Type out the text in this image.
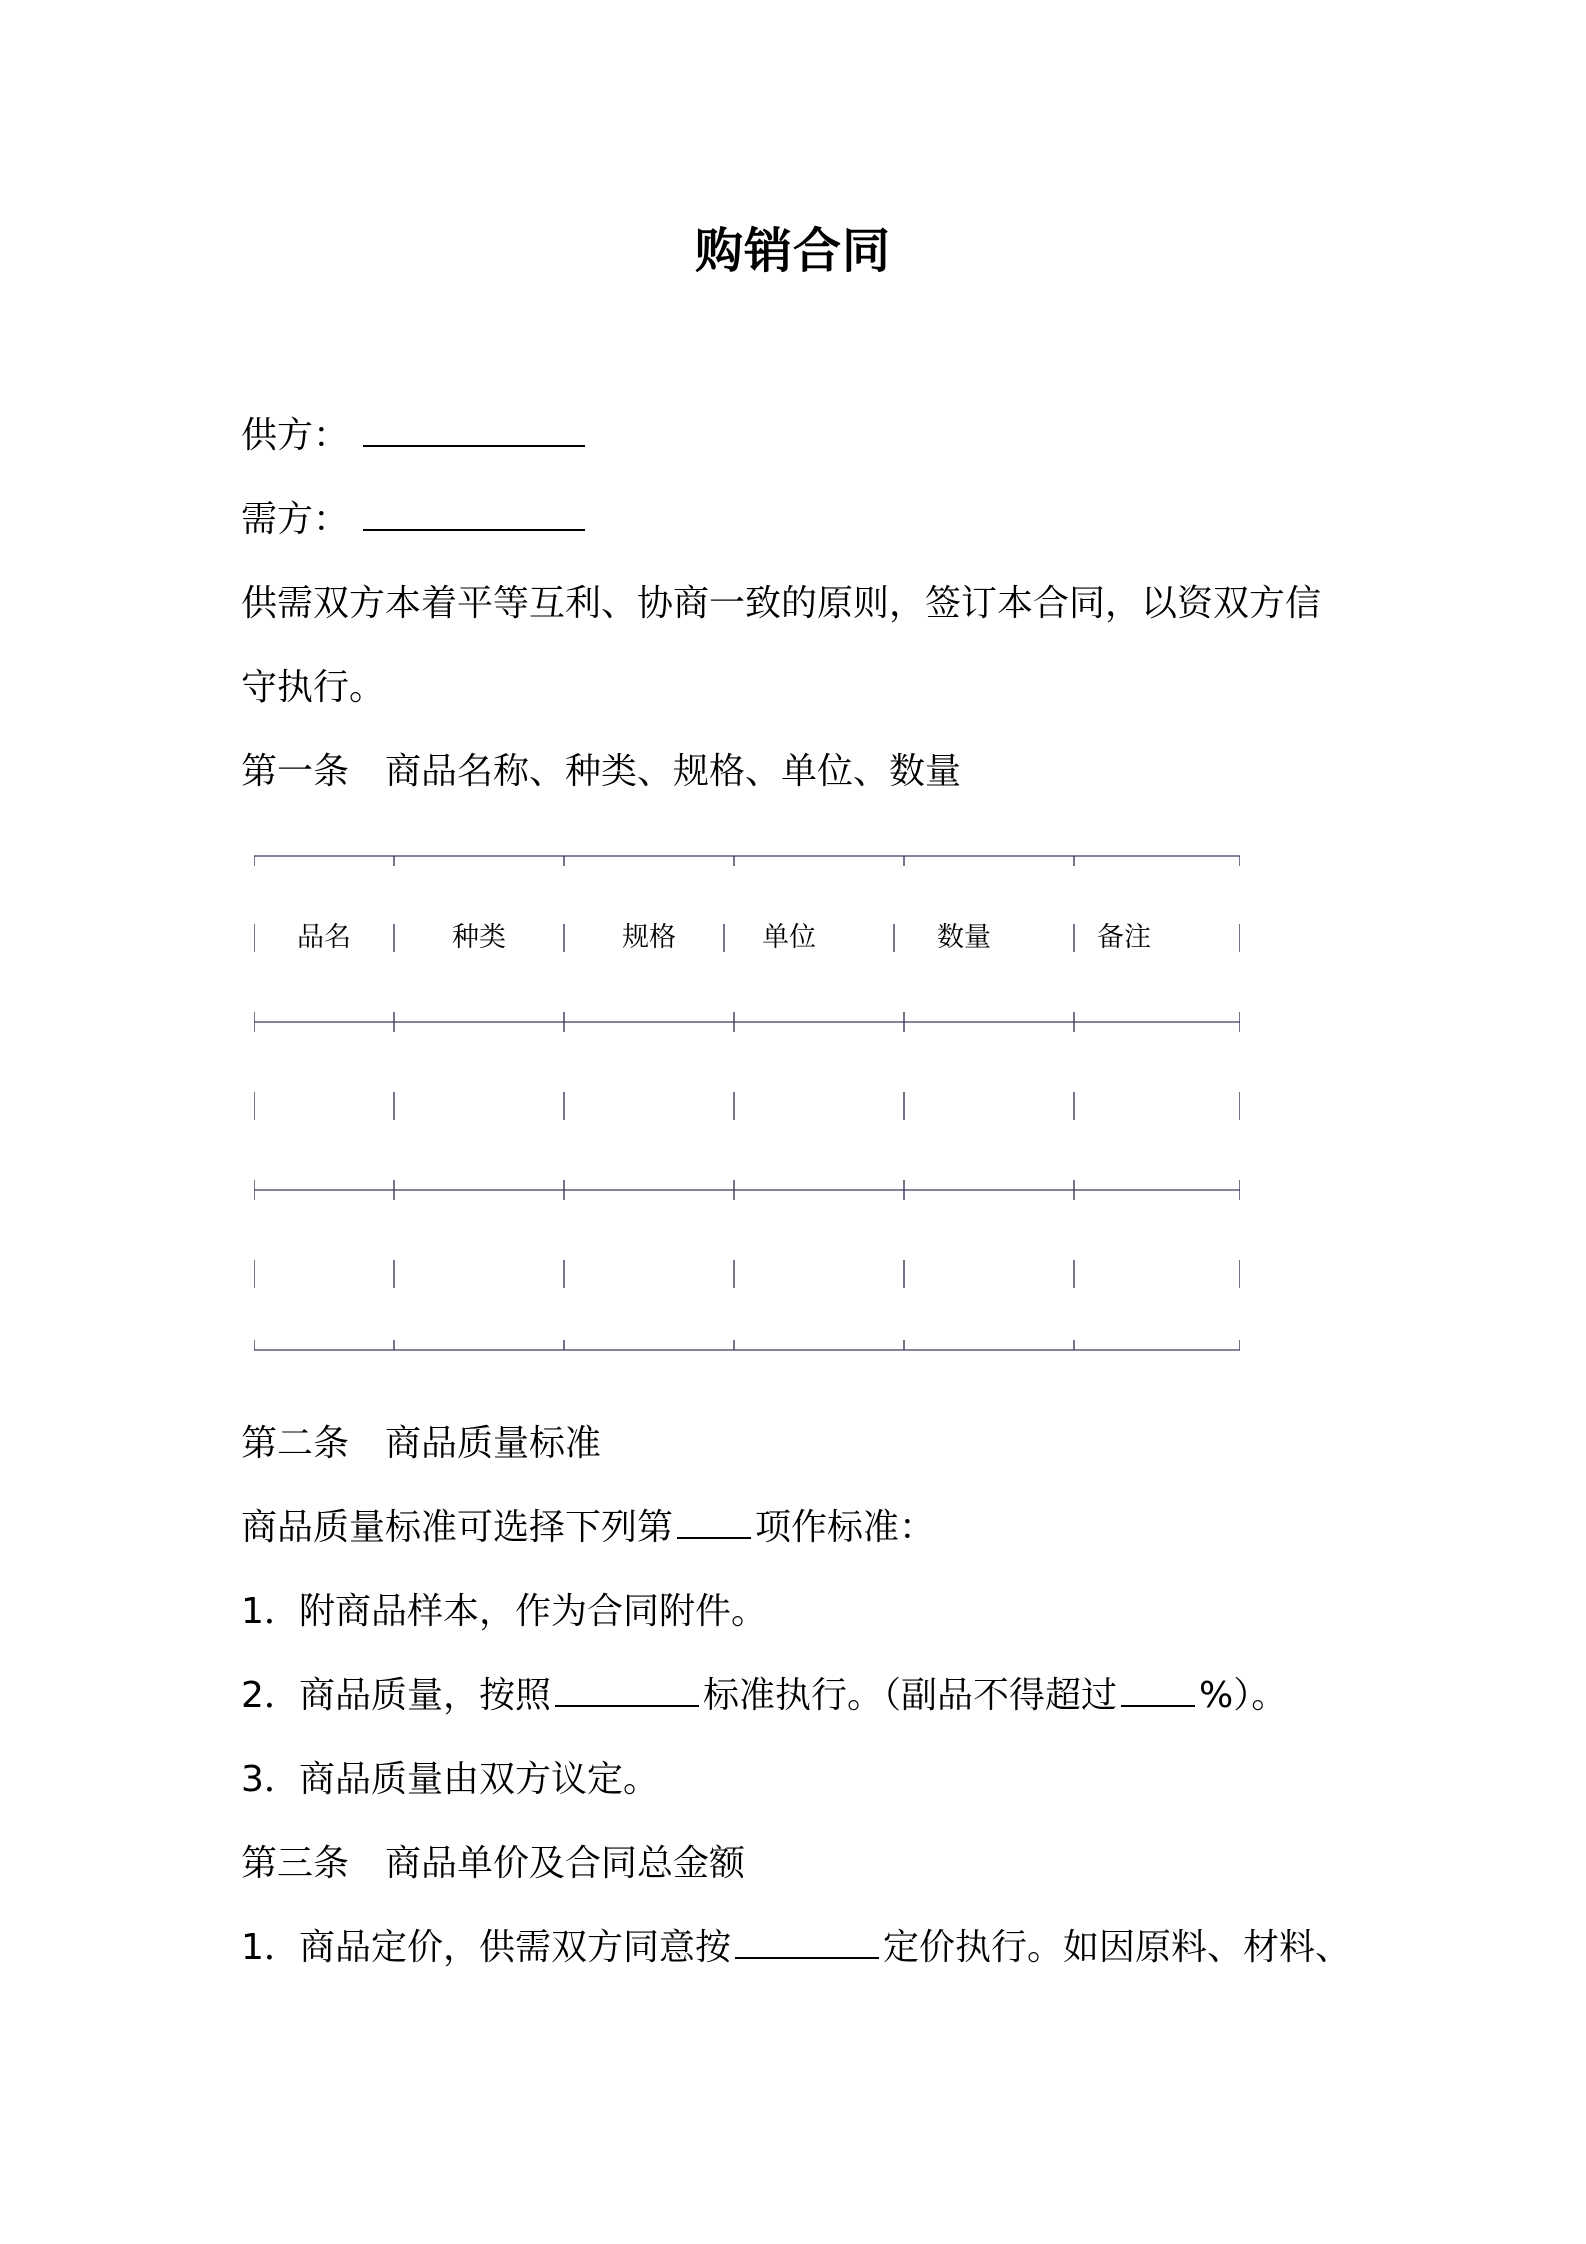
购销合同
供方：
需方：
供需双方本着平等互利、协商一致的原则，签订本合同，以资双方信
守执行。
第一条　商品名称、种类、规格、单位、数量
品名	种类	规格	单位	数量	备注
第二条　商品质量标准
商品质量标准可选择下列第 项作标准：
1．附商品样本，作为合同附件。
2．商品质量，按照	标准执行。（副品不得超过 %）。
3．商品质量由双方议定。
第三条　商品单价及合同总金额
1．商品定价，供需双方同意按	定价执行。如因原料、材料、
